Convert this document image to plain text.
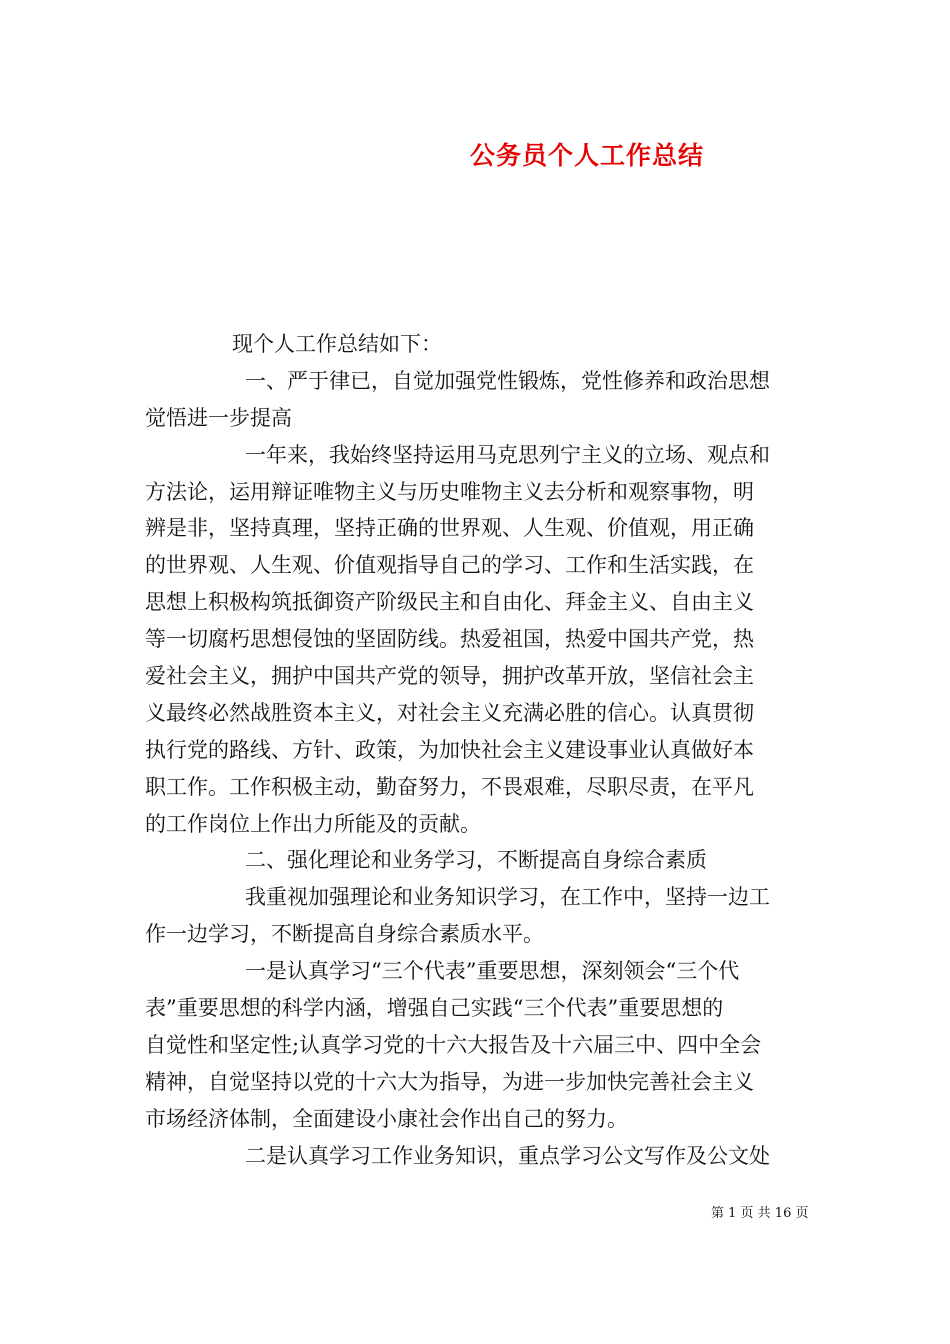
公务员个人工作总结
现个人工作总结如下：
一、严于律已，自觉加强党性锻炼，党性修养和政治思想
觉悟进一步提高
一年来，我始终坚持运用马克思列宁主义的立场、观点和
方法论，运用辩证唯物主义与历史唯物主义去分析和观察事物，明
辨是非，坚持真理，坚持正确的世界观、人生观、价值观，用正确
的世界观、人生观、价值观指导自己的学习、工作和生活实践，在
思想上积极构筑抵御资产阶级民主和自由化、拜金主义、自由主义
等一切腐朽思想侵蚀的坚固防线。热爱祖国，热爱中国共产党，热
爱社会主义，拥护中国共产党的领导，拥护改革开放，坚信社会主
义最终必然战胜资本主义，对社会主义充满必胜的信心。认真贯彻
执行党的路线、方针、政策，为加快社会主义建设事业认真做好本
职工作。工作积极主动，勤奋努力，不畏艰难，尽职尽责，在平凡
的工作岗位上作出力所能及的贡献。
二、强化理论和业务学习，不断提高自身综合素质
我重视加强理论和业务知识学习，在工作中，坚持一边工
作一边学习，不断提高自身综合素质水平。
一是认真学习“三个代表”重要思想，深刻领会“三个代
表”重要思想的科学内涵，增强自己实践“三个代表”重要思想的
自觉性和坚定性;认真学习党的十六大报告及十六届三中、四中全会
精神，自觉坚持以党的十六大为指导，为进一步加快完善社会主义
市场经济体制，全面建设小康社会作出自己的努力。
二是认真学习工作业务知识，重点学习公文写作及公文处
第 1 页 共 16 页
